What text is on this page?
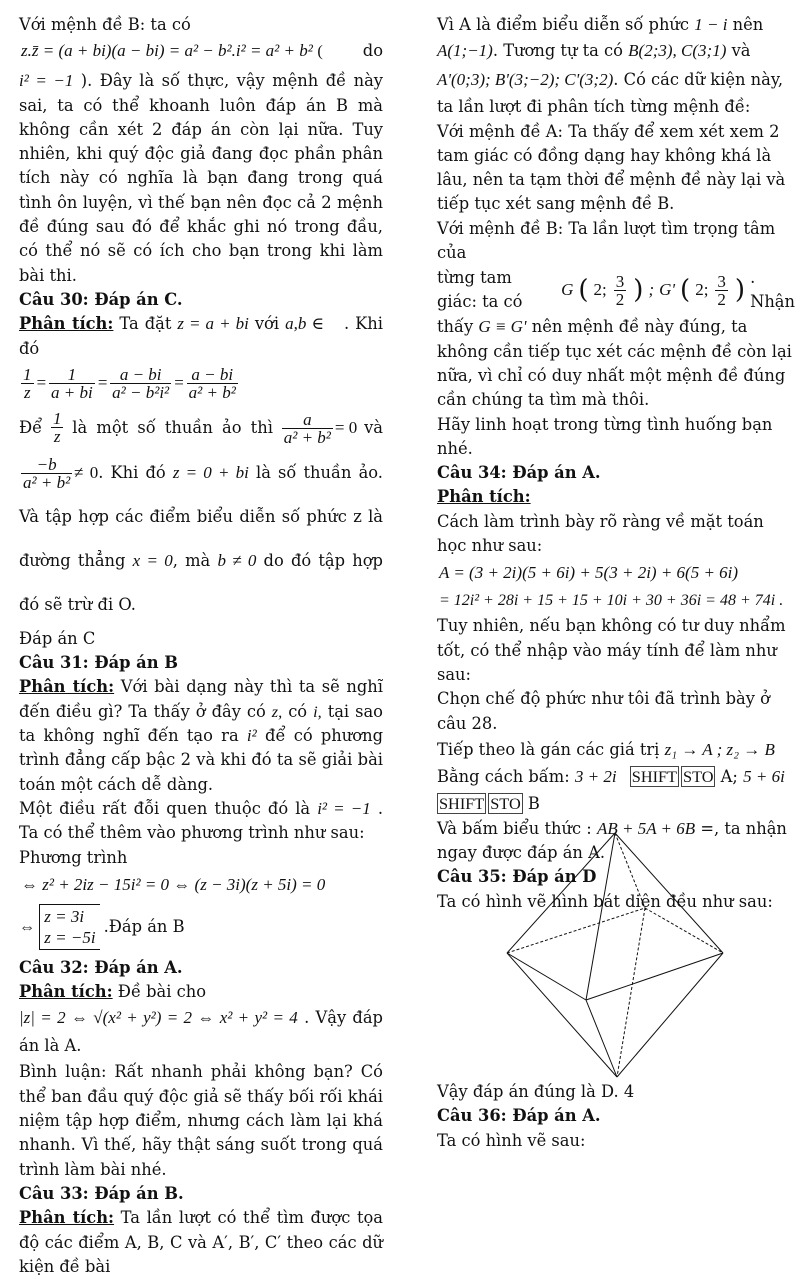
Với mệnh đề B: ta có

z.z̄ = (a + bi)(a − bi) = a² − b².i² = a² + b² ( do

i² = −1 ). Đây là số thực, vậy mệnh đề này sai, ta có thể khoanh luôn đáp án B mà không cần xét 2 đáp án còn lại nữa. Tuy nhiên, khi quý độc giả đang đọc phần phân tích này có nghĩa là bạn đang trong quá tình ôn luyện, vì thế bạn nên đọc cả 2 mệnh đề đúng sau đó để khắc ghi nó trong đầu, có thể nó sẽ có ích cho bạn trong khi làm bài thi.

Câu 30: Đáp án C.

Phân tích: Ta đặt z = a + bi với a,b ∈ . Khi đó

$\frac{1}{z} = \frac{1}{a + bi} = \frac{a - bi}{\text{a² − b²i²}} = \frac{a - bi}{\text{a² + b²}}$
Để $\frac{1}{z}$ là một số thuần ảo thì $\frac{a}{\text{a² + b²}} = 0$ và

$\frac{-b}{\text{a² + b²}} \ne 0$. Khi đó z = 0 + bi là số thuần ảo. Và tập hợp các điểm biểu diễn số phức z là đường thẳng x = 0, mà b ≠ 0 do đó tập hợp đó sẽ trừ đi O.

Đáp án C

Câu 31: Đáp án B

Phân tích: Với bài dạng này thì ta sẽ nghĩ đến điều gì? Ta thấy ở đây có z, có i, tại sao ta không nghĩ đến tạo ra i² để có phương trình đẳng cấp bậc 2 và khi đó ta sẽ giải bài toán một cách dễ dàng.

Một điều rất đỗi quen thuộc đó là i² = −1 . Ta có thể thêm vào phương trình như sau:

Phương trình

⇔ z² + 2iz − 15i² = 0 ⇔ (z − 3i)(z + 5i) = 0
⇔
z = 3i
z = −5i
.Đáp án B

Câu 32: Đáp án A.

Phân tích: Đề bài cho

|z| = 2 ⇔ √(x² + y²) = 2 ⇔ x² + y² = 4 . Vậy đáp án là A.

Bình luận: Rất nhanh phải không bạn? Có thể ban đầu quý độc giả sẽ thấy bối rối khái niệm tập hợp điểm, nhưng cách làm lại khá nhanh. Vì thế, hãy thật sáng suốt trong quá trình làm bài nhé.

Câu 33: Đáp án B.

Phân tích: Ta lần lượt có thể tìm được tọa độ các điểm A, B, C và A′, B′, C′ theo các dữ kiện đề bài

Vì A là điểm biểu diễn số phức 1 − i nên

A(1;−1). Tương tự ta có B(2;3), C(3;1) và

A'(0;3); B'(3;−2); C'(3;2). Có các dữ kiện này,

ta lần lượt đi phân tích từng mệnh đề:

Với mệnh đề A: Ta thấy để xem xét xem 2 tam giác có đồng dạng hay không khá là lâu, nên ta tạm thời để mệnh đề này lại và tiếp tục xét sang mệnh đề B.

Với mệnh đề B: Ta lần lượt tìm trọng tâm của

từng tam giác: ta có
G ( 2; $\frac{3}{2}$ ) ; G' ( 2; $\frac{3}{2}$ ) . Nhận

thấy G ≡ G' nên mệnh đề này đúng, ta không cần tiếp tục xét các mệnh đề còn lại nữa, vì chỉ có duy nhất một mệnh đề đúng cần chúng ta tìm mà thôi.

Hãy linh hoạt trong từng tình huống bạn nhé.

Câu 34: Đáp án A.

Phân tích:

Cách làm trình bày rõ ràng về mặt toán học như sau:

A = (3 + 2i)(5 + 6i) + 5(3 + 2i) + 6(5 + 6i)
= 12i² + 28i + 15 + 15 + 10i + 30 + 36i = 48 + 74i .

Tuy nhiên, nếu bạn không có tư duy nhẩm tốt, có thể nhập vào máy tính để làm như sau:

Chọn chế độ phức như tôi đã trình bày ở câu 28.

Tiếp theo là gán các giá trị z₁ → A ; z₂ → B

Bằng cách bấm: 3 + 2i SHIFT STO A; 5 + 6i
SHIFT STO B

Và bấm biểu thức : AB + 5A + 6B =, ta nhận ngay được đáp án A.

Câu 35: Đáp án D

Ta có hình vẽ hình bát diện đều như sau:

Vậy đáp án đúng là D. 4

Câu 36: Đáp án A.

Ta có hình vẽ sau:
